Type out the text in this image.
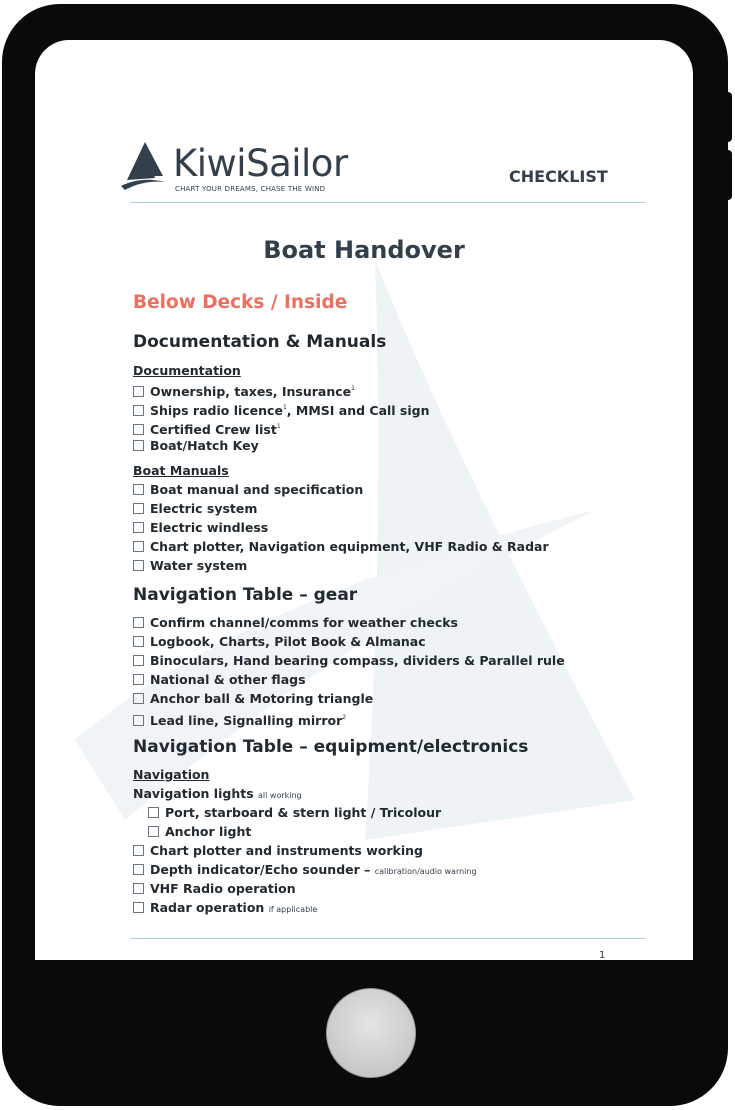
KiwiSailor
CHART YOUR DREAMS, CHASE THE WIND
CHECKLIST
Boat Handover
Below Decks / Inside
Documentation & Manuals
Documentation
Ownership, taxes, Insurance$^1$
Ships radio licence$^1$, MMSI and Call sign
Certified Crew list$^1$
Boat/Hatch Key
Boat Manuals
Boat manual and specification
Electric system
Electric windless
Chart plotter, Navigation equipment, VHF Radio & Radar
Water system
Navigation Table – gear
Confirm channel/comms for weather checks
Logbook, Charts, Pilot Book & Almanac
Binoculars, Hand bearing compass, dividers & Parallel rule
National & other flags
Anchor ball & Motoring triangle
Lead line, Signalling mirror$^2$
Navigation Table – equipment/electronics
Navigation
Navigation lights all working
Port, starboard & stern light / Tricolour
Anchor light
Chart plotter and instruments working
Depth indicator/Echo sounder – calibration/audio warning
VHF Radio operation
Radar operation if applicable
1
